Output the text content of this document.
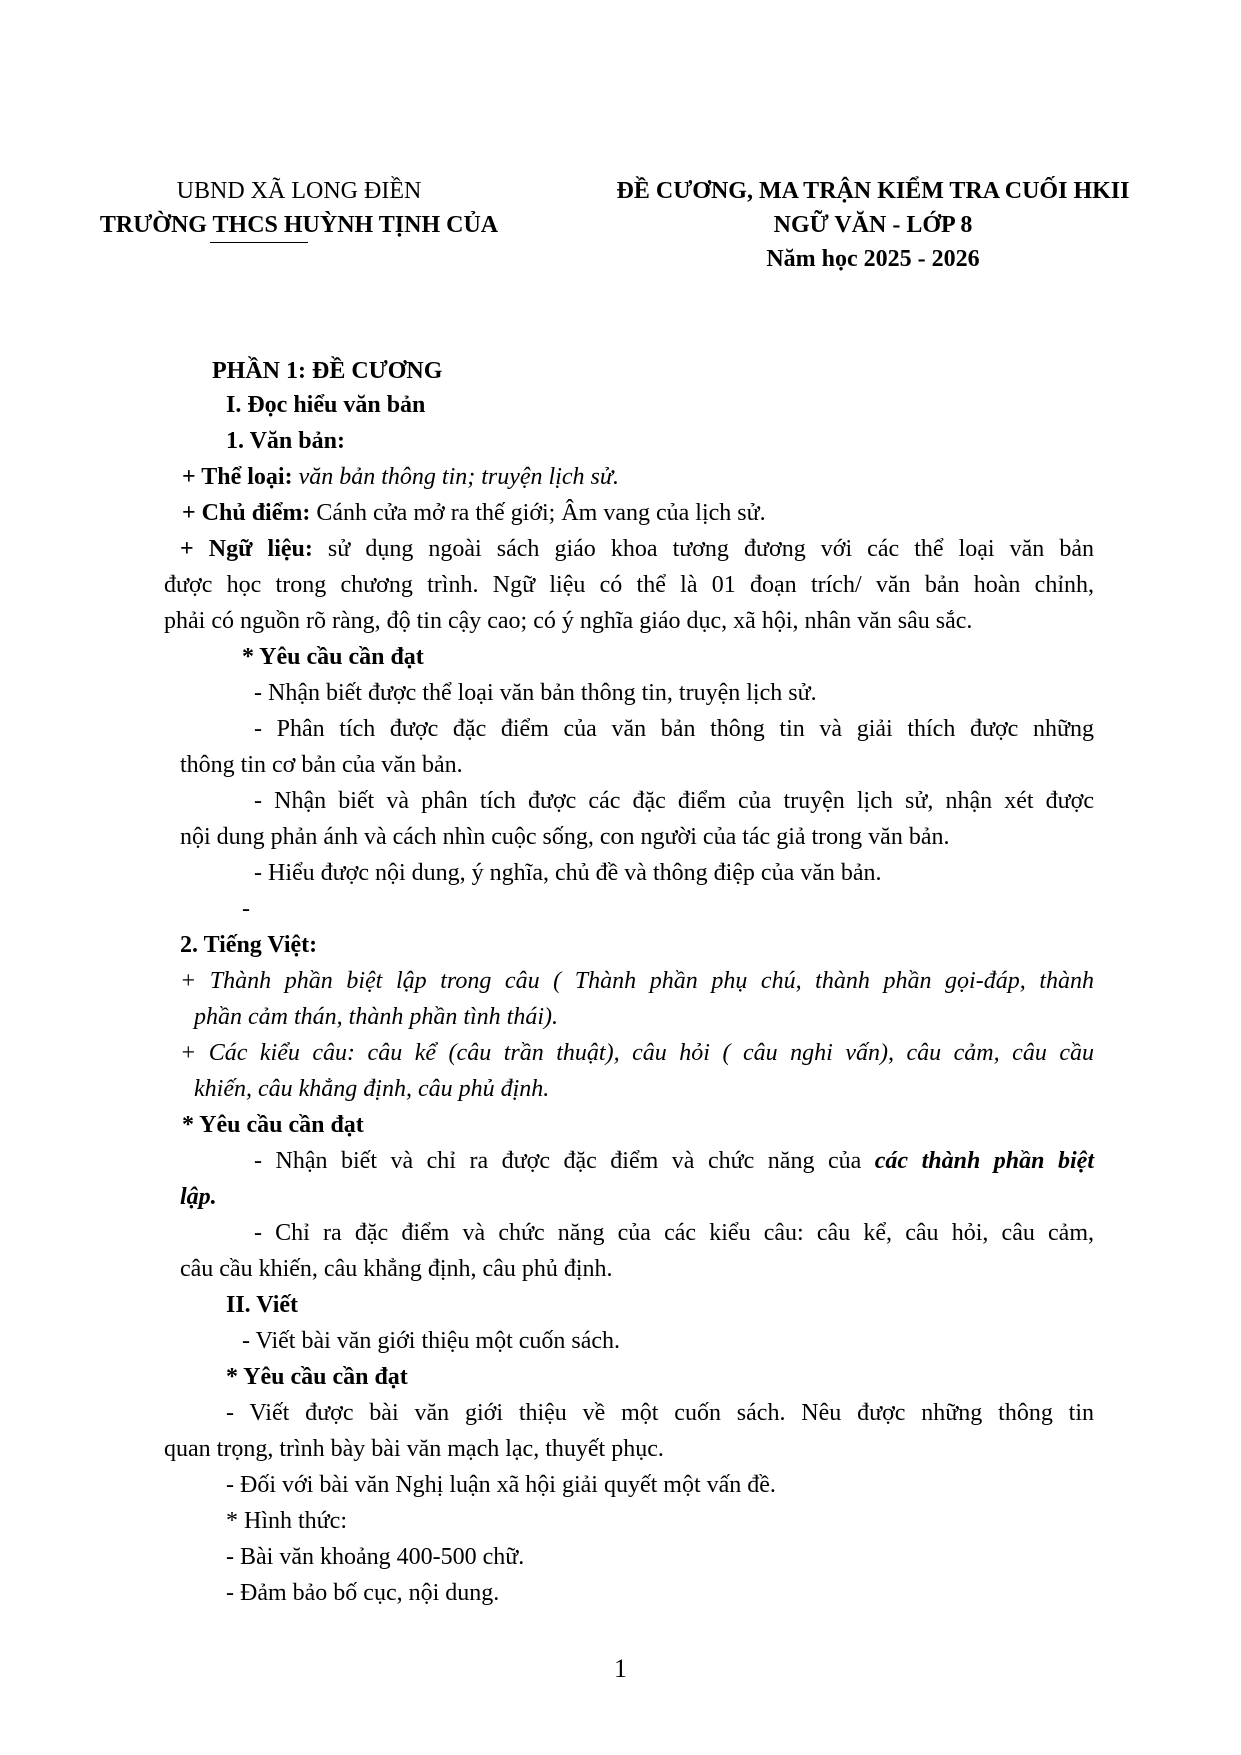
UBND XÃ LONG ĐIỀN
TRƯỜNG THCS HUỲNH TỊNH CỦA
ĐỀ CƯƠNG, MA TRẬN KIỂM TRA CUỐI HKII
NGỮ VĂN - LỚP 8
Năm học 2025 - 2026
PHẦN 1: ĐỀ CƯƠNG
I. Đọc hiểu văn bản
1. Văn bản:
+ Thể loại: văn bản thông tin; truyện lịch sử.
+ Chủ điểm: Cánh cửa mở ra thế giới; Âm vang của lịch sử.
+ Ngữ liệu: sử dụng ngoài sách giáo khoa tương đương với các thể loại văn bản
được học trong chương trình. Ngữ liệu có thể là 01 đoạn trích/ văn bản hoàn chỉnh,
phải có nguồn rõ ràng, độ tin cậy cao; có ý nghĩa giáo dục, xã hội, nhân văn sâu sắc.
* Yêu cầu cần đạt
- Nhận biết được thể loại văn bản thông tin, truyện lịch sử.
- Phân tích được đặc điểm của văn bản thông tin và giải thích được những
thông tin cơ bản của văn bản.
- Nhận biết và phân tích được các đặc điểm của truyện lịch sử, nhận xét được
nội dung phản ánh và cách nhìn cuộc sống, con người của tác giả trong văn bản.
- Hiểu được nội dung, ý nghĩa, chủ đề và thông điệp của văn bản.
-
2. Tiếng Việt:
+ Thành phần biệt lập trong câu ( Thành phần phụ chú, thành phần gọi-đáp, thành
phần cảm thán, thành phần tình thái).
+ Các kiểu câu: câu kể (câu trần thuật), câu hỏi ( câu nghi vấn), câu cảm, câu cầu
khiến, câu khẳng định, câu phủ định.
* Yêu cầu cần đạt
- Nhận biết và chỉ ra được đặc điểm và chức năng của các thành phần biệt
lập.
- Chỉ ra đặc điểm và chức năng của các kiểu câu: câu kể, câu hỏi, câu cảm,
câu cầu khiến, câu khẳng định, câu phủ định.
II. Viết
- Viết bài văn giới thiệu một cuốn sách.
* Yêu cầu cần đạt
- Viết được bài văn giới thiệu về một cuốn sách. Nêu được những thông tin
quan trọng, trình bày bài văn mạch lạc, thuyết phục.
- Đối với bài văn Nghị luận xã hội giải quyết một vấn đề.
* Hình thức:
- Bài văn khoảng 400-500 chữ.
- Đảm bảo bố cục, nội dung.
1
